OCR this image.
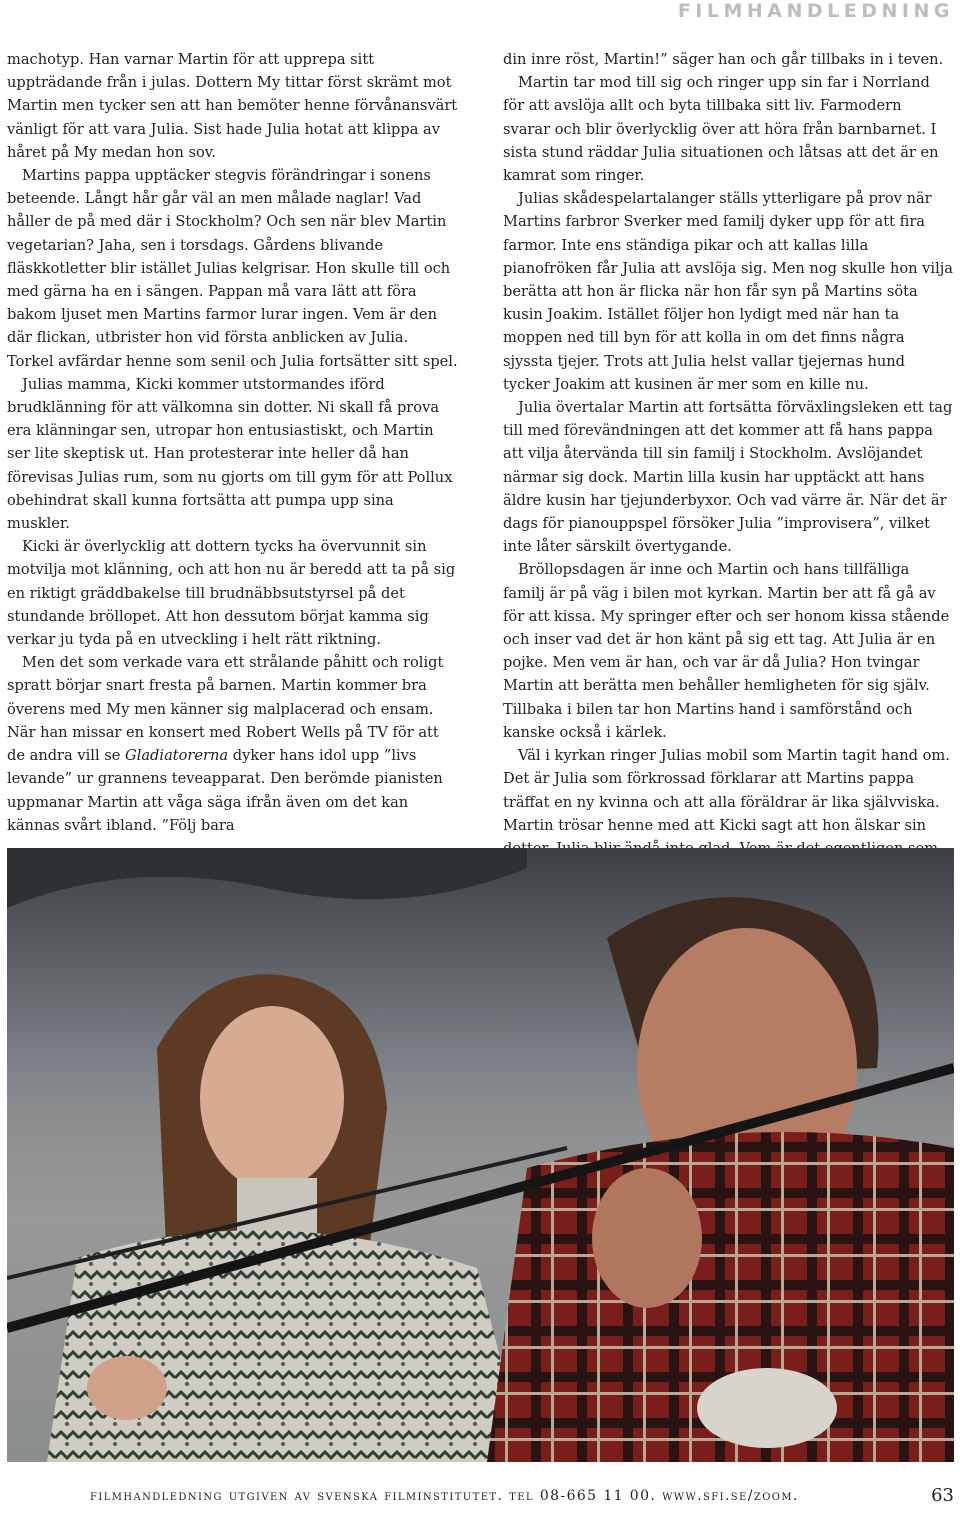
FILMHANDLEDNING

machotyp. Han varnar Martin för att upprepa sitt uppträdande från i julas. Dottern My tittar först skrämt mot Martin men tycker sen att han bemöter henne förvånansvärt vänligt för att vara Julia. Sist hade Julia hotat att klippa av håret på My medan hon sov.

Martins pappa upptäcker stegvis förändringar i sonens beteende. Långt hår går väl an men målade naglar! Vad håller de på med där i Stockholm? Och sen när blev Martin vegetarian? Jaha, sen i torsdags. Gårdens blivande fläskkotletter blir istället Julias kelgrisar. Hon skulle till och med gärna ha en i sängen. Pappan må vara lätt att föra bakom ljuset men Martins farmor lurar ingen. Vem är den där flickan, utbrister hon vid första anblicken av Julia. Torkel avfärdar henne som senil och Julia fortsätter sitt spel.

Julias mamma, Kicki kommer utstormandes iförd brudklänning för att välkomna sin dotter. Ni skall få prova era klänningar sen, utropar hon entusiastiskt, och Martin ser lite skeptisk ut. Han protesterar inte heller då han förevisas Julias rum, som nu gjorts om till gym för att Pollux obehindrat skall kunna fortsätta att pumpa upp sina muskler.

Kicki är överlycklig att dottern tycks ha övervunnit sin motvilja mot klänning, och att hon nu är beredd att ta på sig en riktigt gräddbakelse till brudnäbbsutstyrsel på det stundande bröllopet. Att hon dessutom börjat kamma sig verkar ju tyda på en utveckling i helt rätt riktning.

Men det som verkade vara ett strålande påhitt och roligt spratt börjar snart fresta på barnen. Martin kommer bra överens med My men känner sig malplacerad och ensam. När han missar en konsert med Robert Wells på TV för att de andra vill se Gladiatorerna dyker hans idol upp ”livs levande” ur grannens teveapparat. Den berömde pianisten uppmanar Martin att våga säga ifrån även om det kan kännas svårt ibland. ”Följ bara

din inre röst, Martin!” säger han och går tillbaks in i teven.

Martin tar mod till sig och ringer upp sin far i Norrland för att avslöja allt och byta tillbaka sitt liv. Farmodern svarar och blir överlycklig över att höra från barnbarnet. I sista stund räddar Julia situationen och låtsas att det är en kamrat som ringer.

Julias skådespelartalanger ställs ytterligare på prov när Martins farbror Sverker med familj dyker upp för att fira farmor. Inte ens ständiga pikar och att kallas lilla pianofröken får Julia att avslöja sig. Men nog skulle hon vilja berätta att hon är flicka när hon får syn på Martins söta kusin Joakim. Istället följer hon lydigt med när han ta moppen ned till byn för att kolla in om det finns några sjyssta tjejer. Trots att Julia helst vallar tjejernas hund tycker Joakim att kusinen är mer som en kille nu.

Julia övertalar Martin att fortsätta förväxlingsleken ett tag till med förevändningen att det kommer att få hans pappa att vilja återvända till sin familj i Stockholm. Avslöjandet närmar sig dock. Martin lilla kusin har upptäckt att hans äldre kusin har tjejunderbyxor. Och vad värre är. När det är dags för pianouppspel försöker Julia ”improvisera”, vilket inte låter särskilt övertygande.

Bröllopsdagen är inne och Martin och hans tillfälliga familj är på väg i bilen mot kyrkan. Martin ber att få gå av för att kissa. My springer efter och ser honom kissa stående och inser vad det är hon känt på sig ett tag. Att Julia är en pojke. Men vem är han, och var är då Julia? Hon tvingar Martin att berätta men behåller hemligheten för sig själv. Tillbaka i bilen tar hon Martins hand i samförstånd och kanske också i kärlek.

Väl i kyrkan ringer Julias mobil som Martin tagit hand om. Det är Julia som förkrossad förklarar att Martins pappa träffat en ny kvinna och att alla föräldrar är lika självviska. Martin trösar henne med att Kicki sagt att hon älskar sin

filmhandledning utgiven av svenska filminstitutet. tel 08-665 11 00. www.sfi.se/zoom.	63
